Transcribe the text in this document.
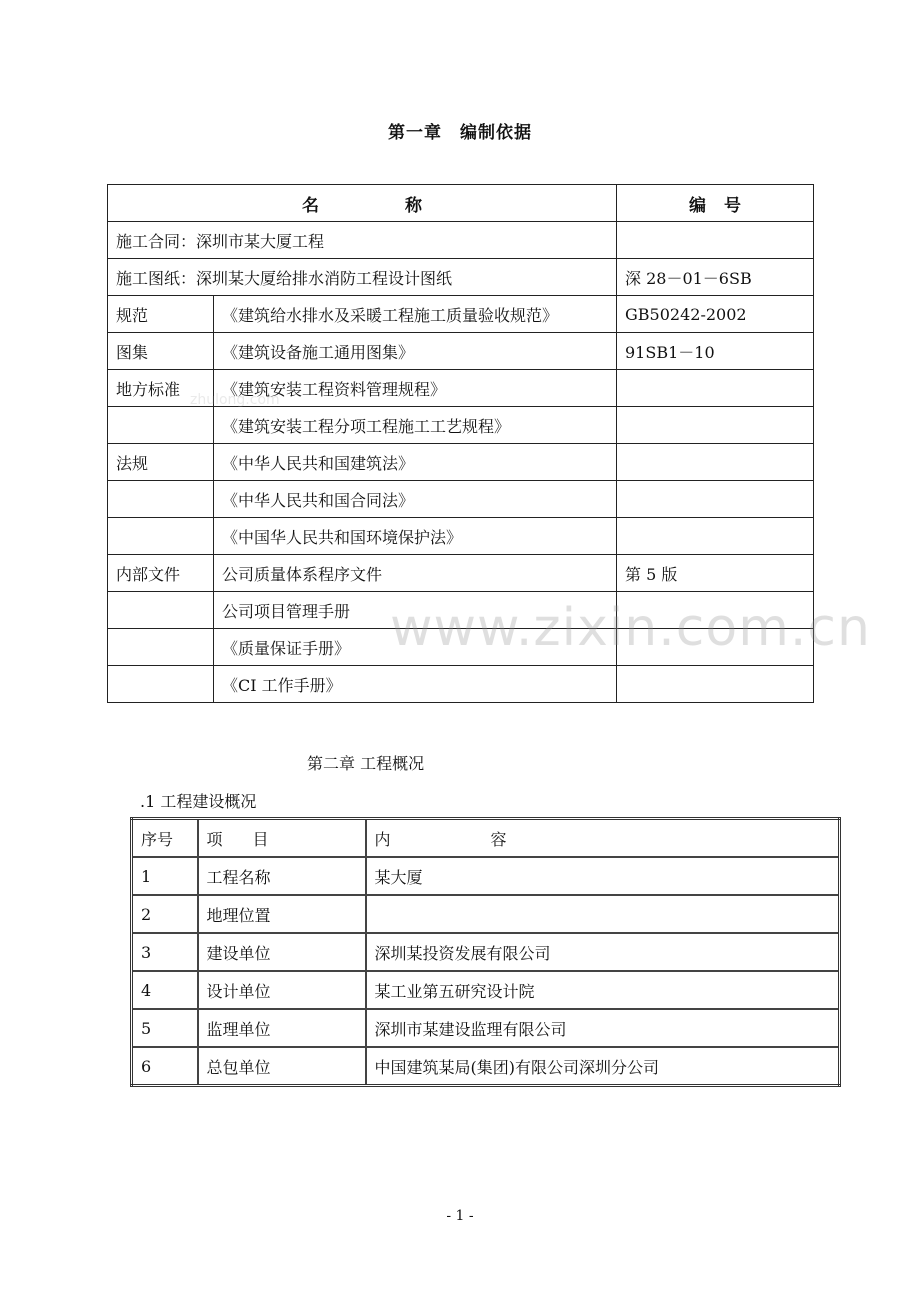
第一章 编制依据
名称		编号
施工合同：深圳市某大厦工程		
施工图纸：深圳某大厦给排水消防工程设计图纸		深 28－01－6SB
规范	《建筑给水排水及采暖工程施工质量验收规范》	GB50242-2002
图集	《建筑设备施工通用图集》	91SB1－10
地方标准	《建筑安装工程资料管理规程》	
	《建筑安装工程分项工程施工工艺规程》	
法规	《中华人民共和国建筑法》	
	《中华人民共和国合同法》	
	《中国华人民共和国环境保护法》	
内部文件	公司质量体系程序文件	第 5 版
	公司项目管理手册	
	《质量保证手册》	
	《CI 工作手册》	
第二章 工程概况
.1 工程建设概况
序号	项目	内容
1	工程名称	某大厦
2	地理位置	
3	建设单位	深圳某投资发展有限公司
4	设计单位	某工业第五研究设计院
5	监理单位	深圳市某建设监理有限公司
6	总包单位	中国建筑某局(集团)有限公司深圳分公司
zhulong.com
www.zixin.com.cn
- 1 -
